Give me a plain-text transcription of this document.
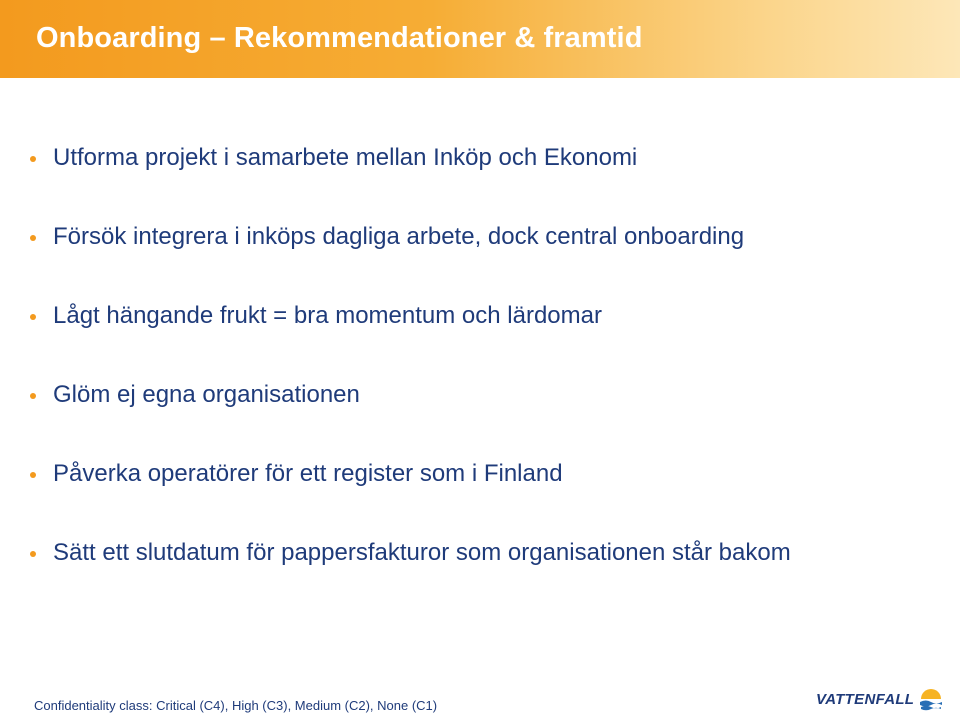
Onboarding – Rekommendationer & framtid
Utforma projekt i samarbete mellan Inköp och Ekonomi
Försök integrera i inköps dagliga arbete, dock central onboarding
Lågt hängande frukt = bra momentum och lärdomar
Glöm ej egna organisationen
Påverka operatörer för ett register som i Finland
Sätt ett slutdatum för pappersfakturor som organisationen står bakom
Confidentiality class: Critical (C4), High (C3), Medium (C2), None (C1)	VATTENFALL
